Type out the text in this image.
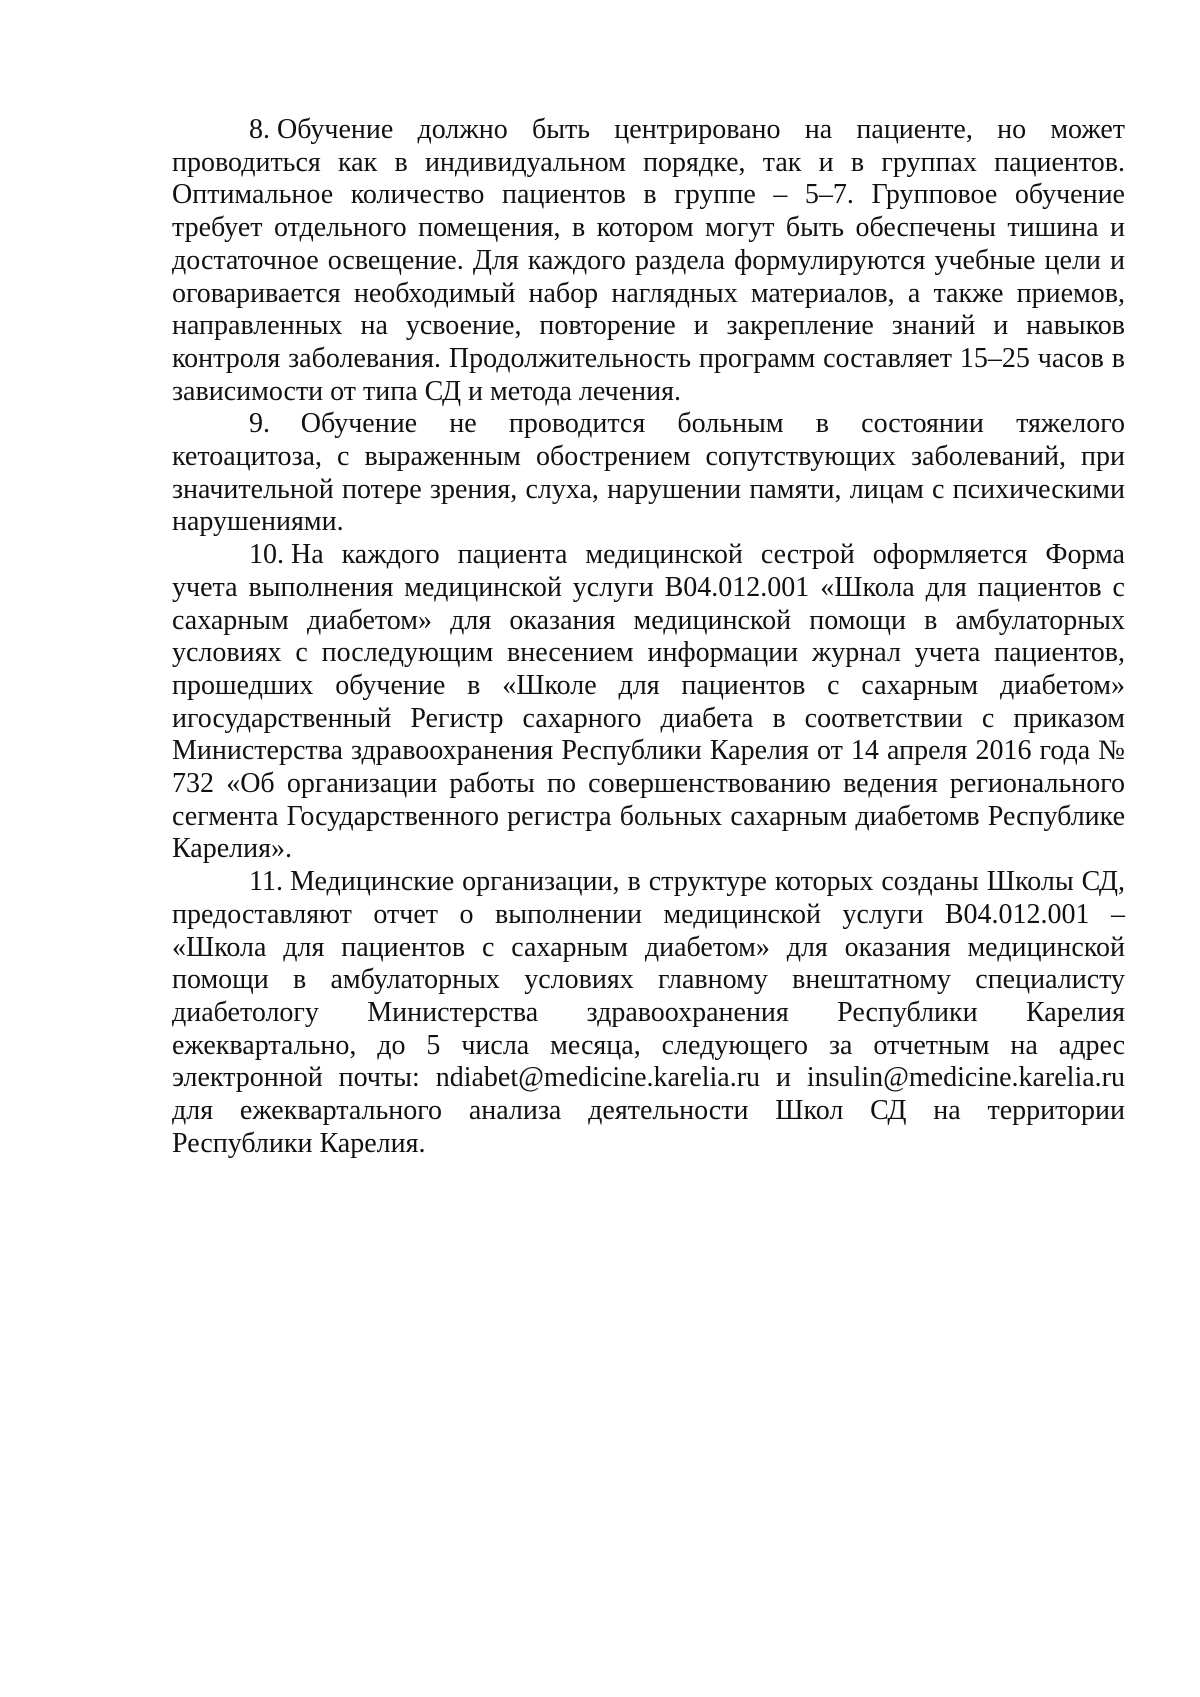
8. Обучение должно быть центрировано на пациенте, но может проводиться как в индивидуальном порядке, так и в группах пациентов. Оптимальное количество пациентов в группе – 5–7. Групповое обучение требует отдельного помещения, в котором могут быть обеспечены тишина и достаточное освещение. Для каждого раздела формулируются учебные цели и оговаривается необходимый набор наглядных материалов, а также приемов, направленных на усвоение, повторение и закрепление знаний и навыков контроля заболевания. Продолжительность программ составляет 15–25 часов в зависимости от типа СД и метода лечения.

9. Обучение не проводится больным в состоянии тяжелого кетоацитоза, с выраженным обострением сопутствующих заболеваний, при значительной потере зрения, слуха, нарушении памяти, лицам с психическими нарушениями.

10. На каждого пациента медицинской сестрой оформляется Форма учета выполнения медицинской услуги B04.012.001 «Школа для пациентов с сахарным диабетом» для оказания медицинской помощи в амбулаторных условиях с последующим внесением информации журнал учета пациентов, прошедших обучение в «Школе для пациентов с сахарным диабетом» игосударственный Регистр сахарного диабета в соответствии с приказом Министерства здравоохранения Республики Карелия от 14 апреля 2016 года № 732 «Об организации работы по совершенствованию ведения регионального сегмента Государственного регистра больных сахарным диабетомв Республике Карелия».

11. Медицинские организации, в структуре которых созданы Школы СД, предоставляют отчет о выполнении медицинской услуги B04.012.001 – «Школа для пациентов с сахарным диабетом» для оказания медицинской помощи в амбулаторных условиях главному внештатному специалисту диабетологу Министерства здравоохранения Республики Карелия ежеквартально, до 5 числа месяца, следующего за отчетным на адрес электронной почты: ndiabet@medicine.karelia.ru и insulin@medicine.karelia.ru для ежеквартального анализа деятельности Школ СД на территории Республики Карелия.
